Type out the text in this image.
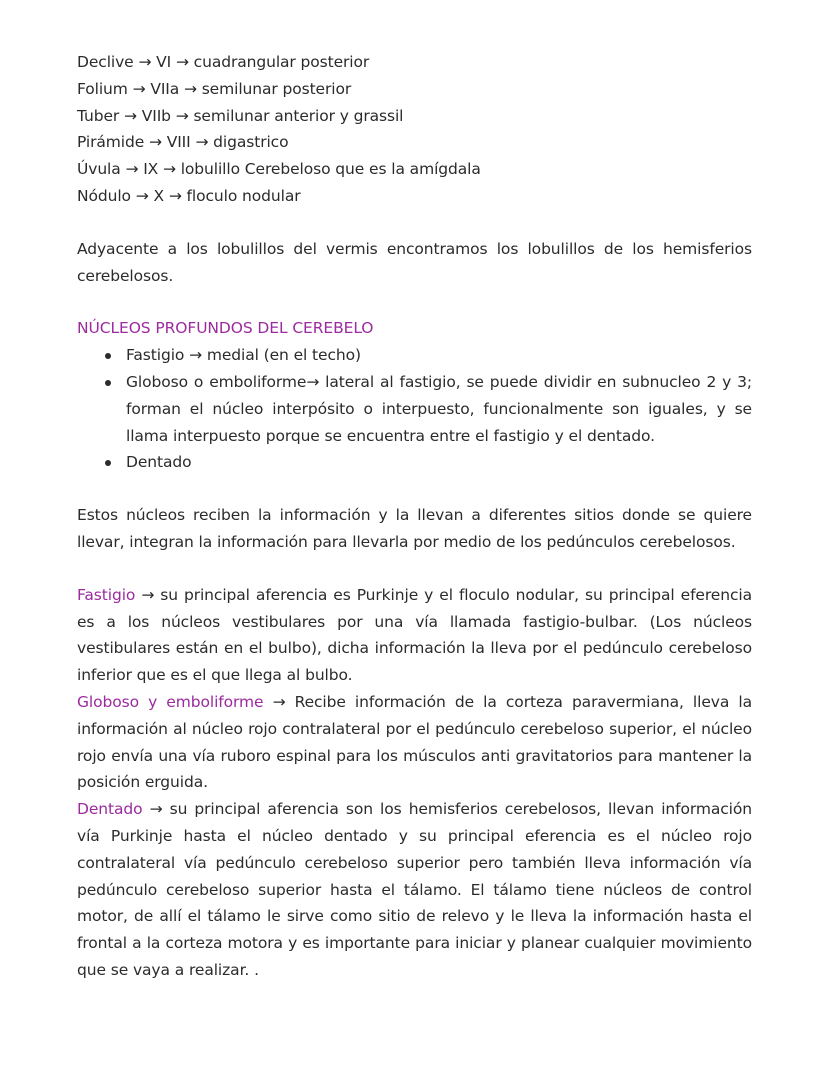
Declive → VI → cuadrangular posterior
Folium → VIIa → semilunar posterior
Tuber → VIIb → semilunar anterior y grassil
Pirámide → VIII → digastrico
Úvula → IX → lobulillo Cerebeloso que es la amígdala
Nódulo → X → floculo nodular

Adyacente a los lobulillos del vermis encontramos los lobulillos de los hemisferios cerebelosos.

NÚCLEOS PROFUNDOS DEL CEREBELO
Fastigio → medial (en el techo)
Globoso o emboliforme→ lateral al fastigio, se puede dividir en subnucleo 2 y 3; forman el núcleo interpósito o interpuesto, funcionalmente son iguales, y se llama interpuesto porque se encuentra entre el fastigio y el dentado.
Dentado

Estos núcleos reciben la información y la llevan a diferentes sitios donde se quiere llevar, integran la información para llevarla por medio de los pedúnculos cerebelosos.

Fastigio → su principal aferencia es Purkinje y el floculo nodular, su principal eferencia es a los núcleos vestibulares por una vía llamada fastigio-bulbar. (Los núcleos vestibulares están en el bulbo), dicha información la lleva por el pedúnculo cerebeloso inferior que es el que llega al bulbo.

Globoso y emboliforme → Recibe información de la corteza paravermiana, lleva la información al núcleo rojo contralateral por el pedúnculo cerebeloso superior, el núcleo rojo envía una vía ruboro espinal para los músculos anti gravitatorios para mantener la posición erguida.

Dentado → su principal aferencia son los hemisferios cerebelosos, llevan información vía Purkinje hasta el núcleo dentado y su principal eferencia es el núcleo rojo contralateral vía pedúnculo cerebeloso superior pero también lleva información vía pedúnculo cerebeloso superior hasta el tálamo. El tálamo tiene núcleos de control motor, de allí el tálamo le sirve como sitio de relevo y le lleva la información hasta el frontal a la corteza motora y es importante para iniciar y planear cualquier movimiento que se vaya a realizar. .
